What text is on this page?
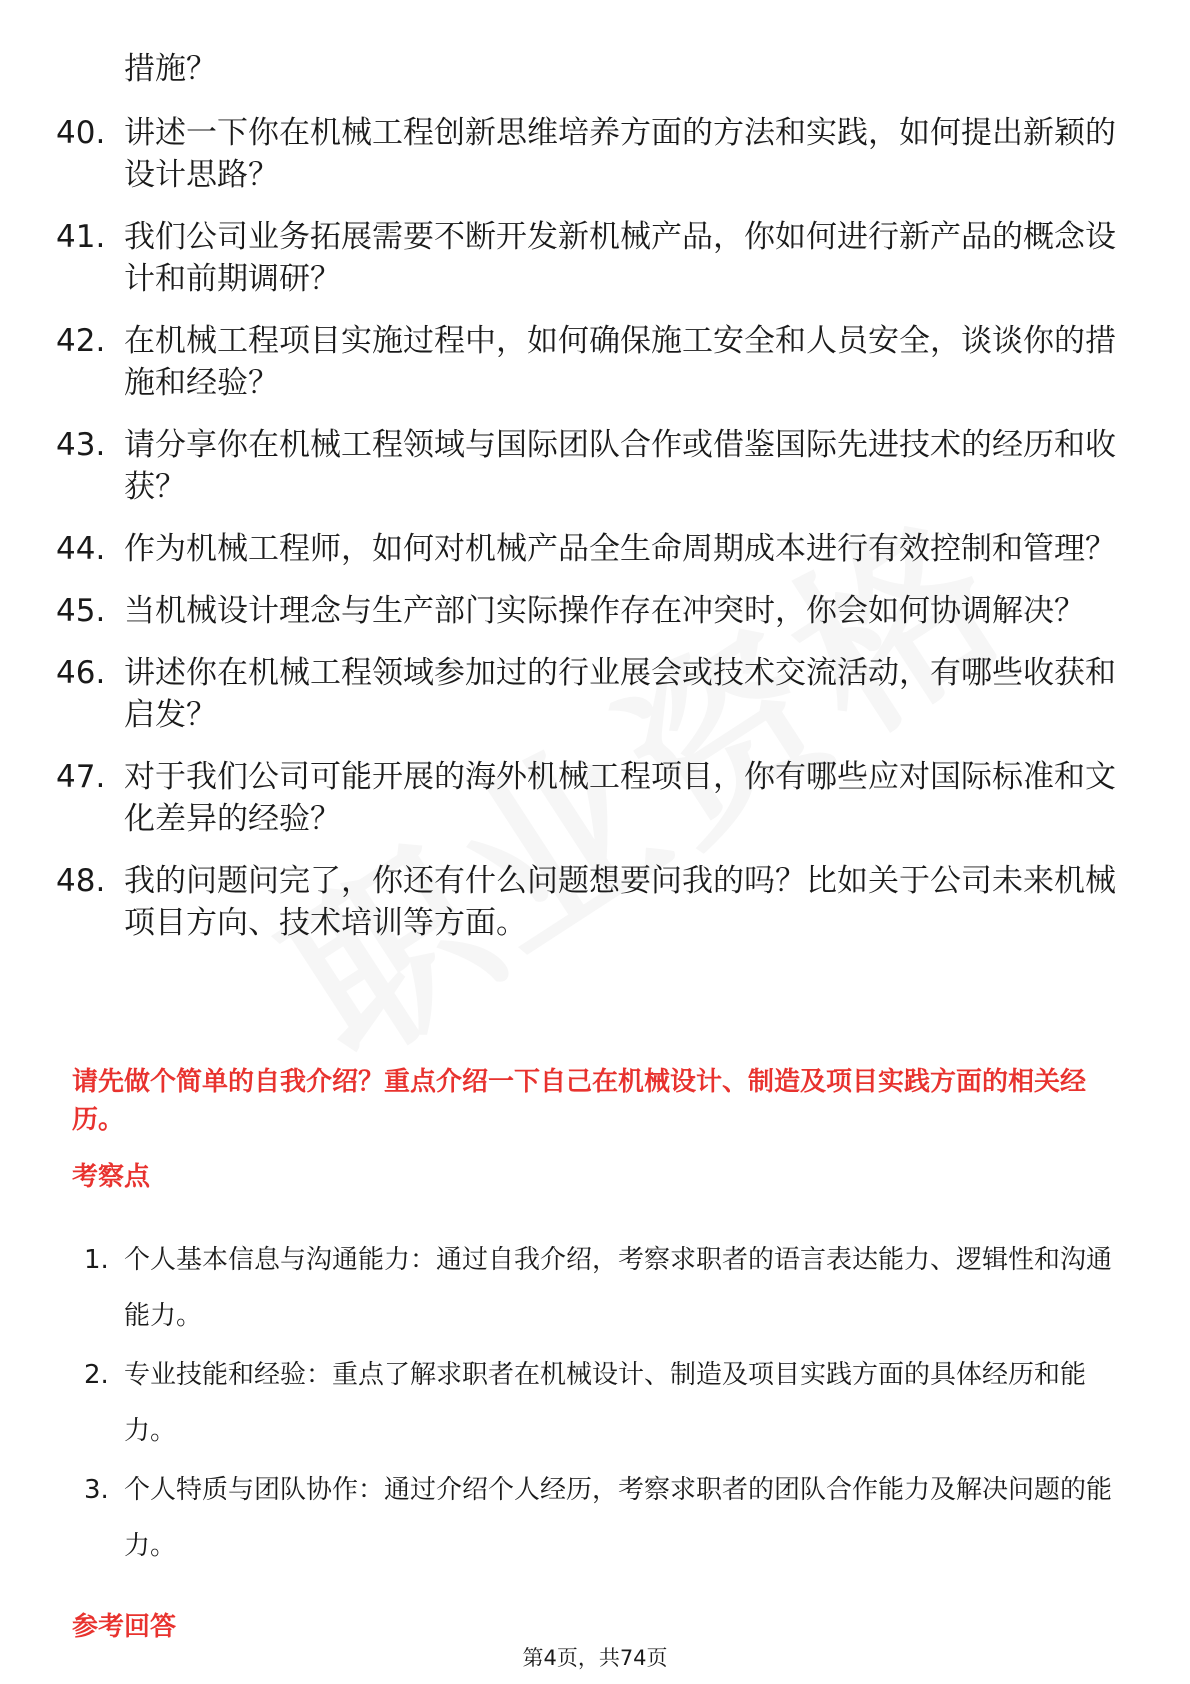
措施？
40. 讲述一下你在机械工程创新思维培养方面的方法和实践，如何提出新颖的设计思路？
41. 我们公司业务拓展需要不断开发新机械产品，你如何进行新产品的概念设计和前期调研？
42. 在机械工程项目实施过程中，如何确保施工安全和人员安全，谈谈你的措施和经验？
43. 请分享你在机械工程领域与国际团队合作或借鉴国际先进技术的经历和收获？
44. 作为机械工程师，如何对机械产品全生命周期成本进行有效控制和管理？
45. 当机械设计理念与生产部门实际操作存在冲突时，你会如何协调解决？
46. 讲述你在机械工程领域参加过的行业展会或技术交流活动，有哪些收获和启发？
47. 对于我们公司可能开展的海外机械工程项目，你有哪些应对国际标准和文化差异的经验？
48. 我的问题问完了，你还有什么问题想要问我的吗？比如关于公司未来机械项目方向、技术培训等方面。
请先做个简单的自我介绍？重点介绍一下自己在机械设计、制造及项目实践方面的相关经历。
考察点
1. 个人基本信息与沟通能力：通过自我介绍，考察求职者的语言表达能力、逻辑性和沟通能力。
2. 专业技能和经验：重点了解求职者在机械设计、制造及项目实践方面的具体经历和能力。
3. 个人特质与团队协作：通过介绍个人经历，考察求职者的团队合作能力及解决问题的能力。
参考回答
第4页，共74页
